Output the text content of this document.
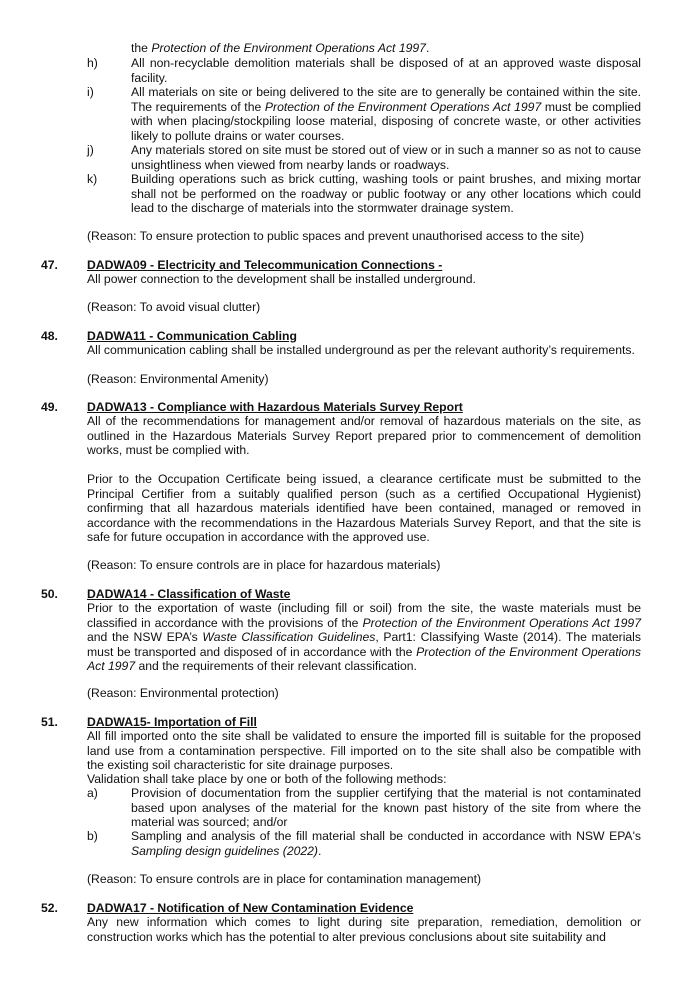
the Protection of the Environment Operations Act 1997.
h)	All non-recyclable demolition materials shall be disposed of at an approved waste disposal facility.
i)	All materials on site or being delivered to the site are to generally be contained within the site. The requirements of the Protection of the Environment Operations Act 1997 must be complied with when placing/stockpiling loose material, disposing of concrete waste, or other activities likely to pollute drains or water courses.
j)	Any materials stored on site must be stored out of view or in such a manner so as not to cause unsightliness when viewed from nearby lands or roadways.
k)	Building operations such as brick cutting, washing tools or paint brushes, and mixing mortar shall not be performed on the roadway or public footway or any other locations which could lead to the discharge of materials into the stormwater drainage system.
(Reason: To ensure protection to public spaces and prevent unauthorised access to the site)
47. DADWA09 - Electricity and Telecommunication Connections -
All power connection to the development shall be installed underground.
(Reason: To avoid visual clutter)
48. DADWA11 - Communication Cabling
All communication cabling shall be installed underground as per the relevant authority’s requirements.
(Reason: Environmental Amenity)
49. DADWA13 - Compliance with Hazardous Materials Survey Report
All of the recommendations for management and/or removal of hazardous materials on the site, as outlined in the Hazardous Materials Survey Report prepared prior to commencement of demolition works, must be complied with.
Prior to the Occupation Certificate being issued, a clearance certificate must be submitted to the Principal Certifier from a suitably qualified person (such as a certified Occupational Hygienist) confirming that all hazardous materials identified have been contained, managed or removed in accordance with the recommendations in the Hazardous Materials Survey Report, and that the site is safe for future occupation in accordance with the approved use.
(Reason: To ensure controls are in place for hazardous materials)
50. DADWA14 - Classification of Waste
Prior to the exportation of waste (including fill or soil) from the site, the waste materials must be classified in accordance with the provisions of the Protection of the Environment Operations Act 1997 and the NSW EPA’s Waste Classification Guidelines, Part1: Classifying Waste (2014). The materials must be transported and disposed of in accordance with the Protection of the Environment Operations Act 1997 and the requirements of their relevant classification.
(Reason: Environmental protection)
51. DADWA15- Importation of Fill
All fill imported onto the site shall be validated to ensure the imported fill is suitable for the proposed land use from a contamination perspective. Fill imported on to the site shall also be compatible with the existing soil characteristic for site drainage purposes.
Validation shall take place by one or both of the following methods:
a)	Provision of documentation from the supplier certifying that the material is not contaminated based upon analyses of the material for the known past history of the site from where the material was sourced; and/or
b)	Sampling and analysis of the fill material shall be conducted in accordance with NSW EPA's Sampling design guidelines (2022).
(Reason: To ensure controls are in place for contamination management)
52. DADWA17 - Notification of New Contamination Evidence
Any new information which comes to light during site preparation, remediation, demolition or construction works which has the potential to alter previous conclusions about site suitability and
